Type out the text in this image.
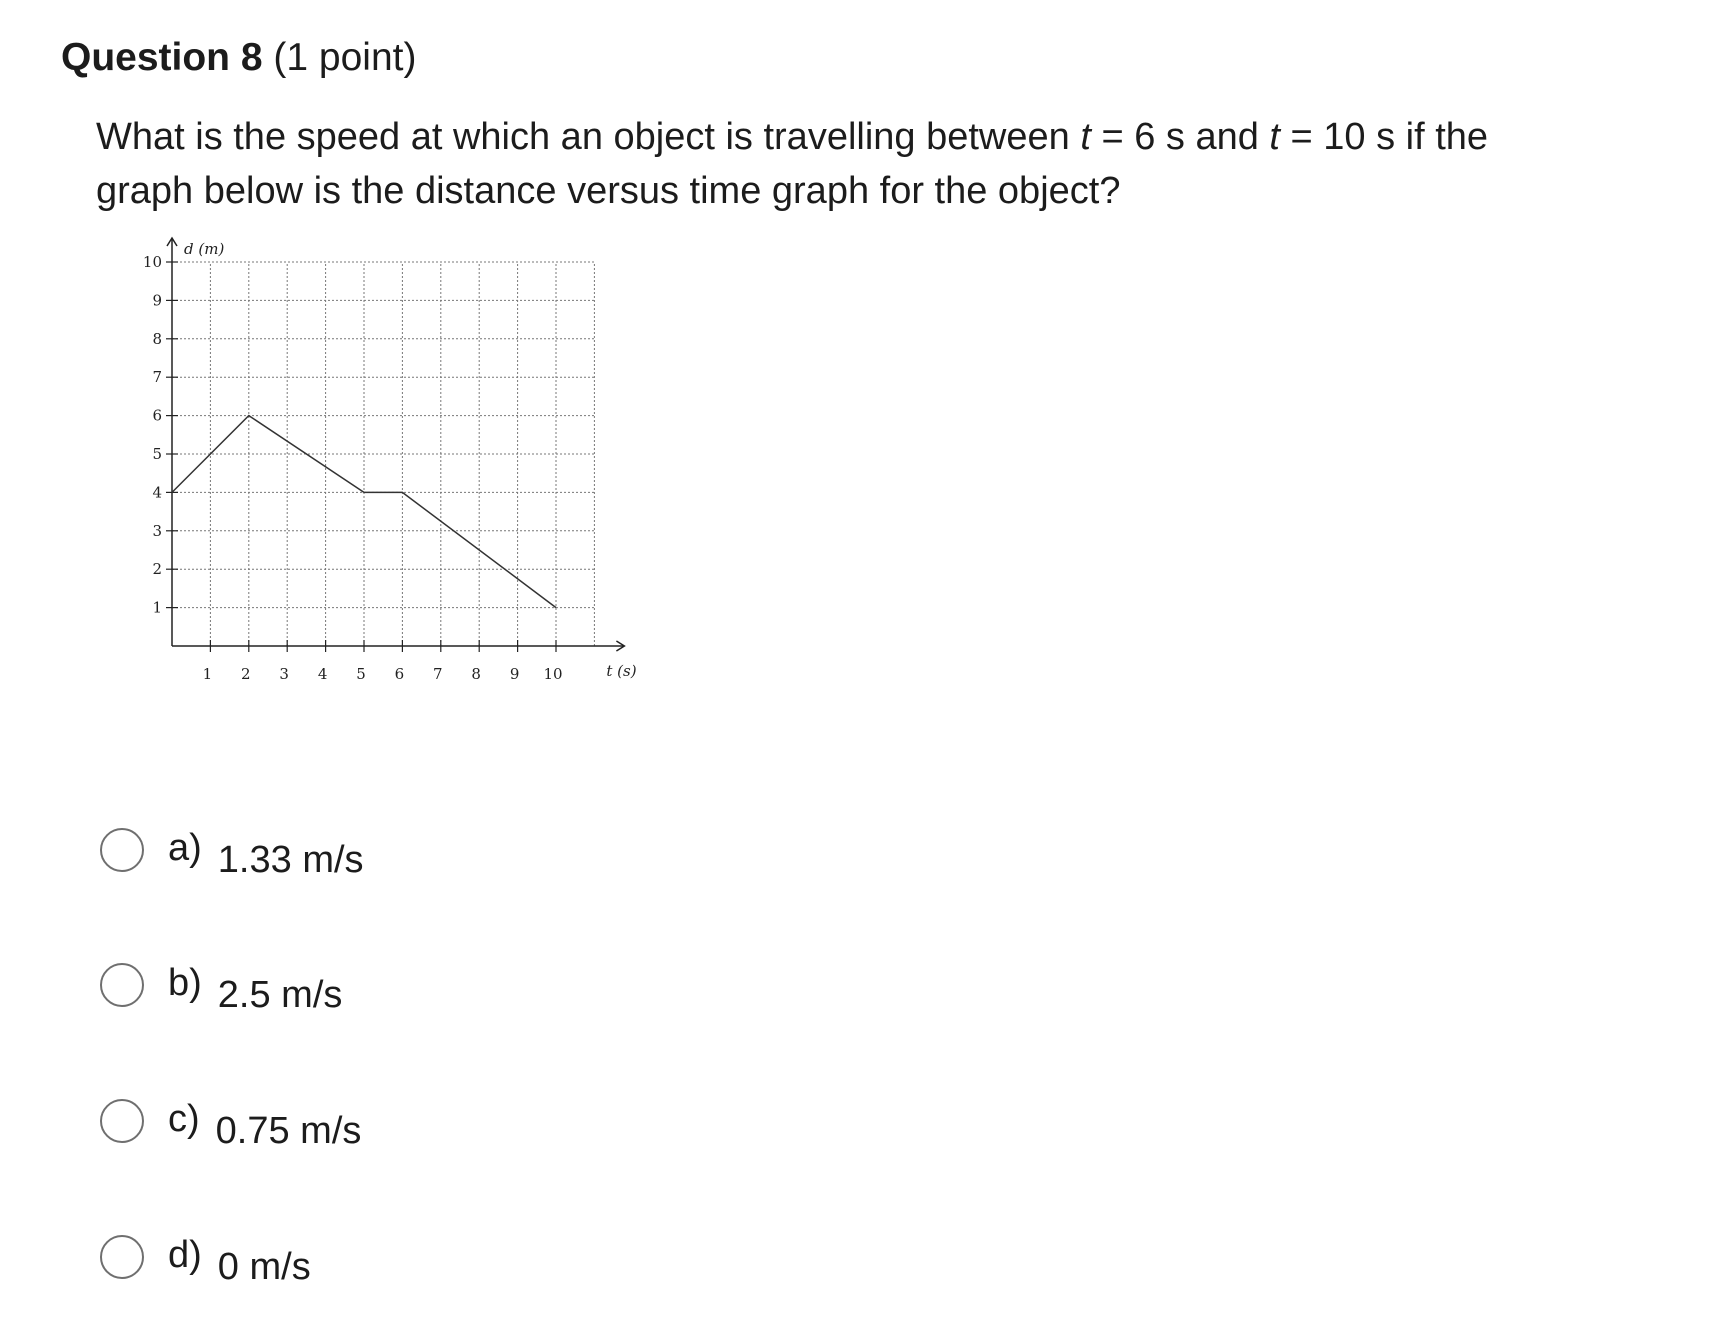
Question 8 (1 point)
What is the speed at which an object is travelling between t = 6 s and t = 10 s if the graph below is the distance versus time graph for the object?
1 2 3 4 5 6 7 8 9 10
1
2
3
4
5
6
7
8
9
10
d (m)
t (s)
a) 1.33 m/s
b) 2.5 m/s
c) 0.75 m/s
d) 0 m/s
